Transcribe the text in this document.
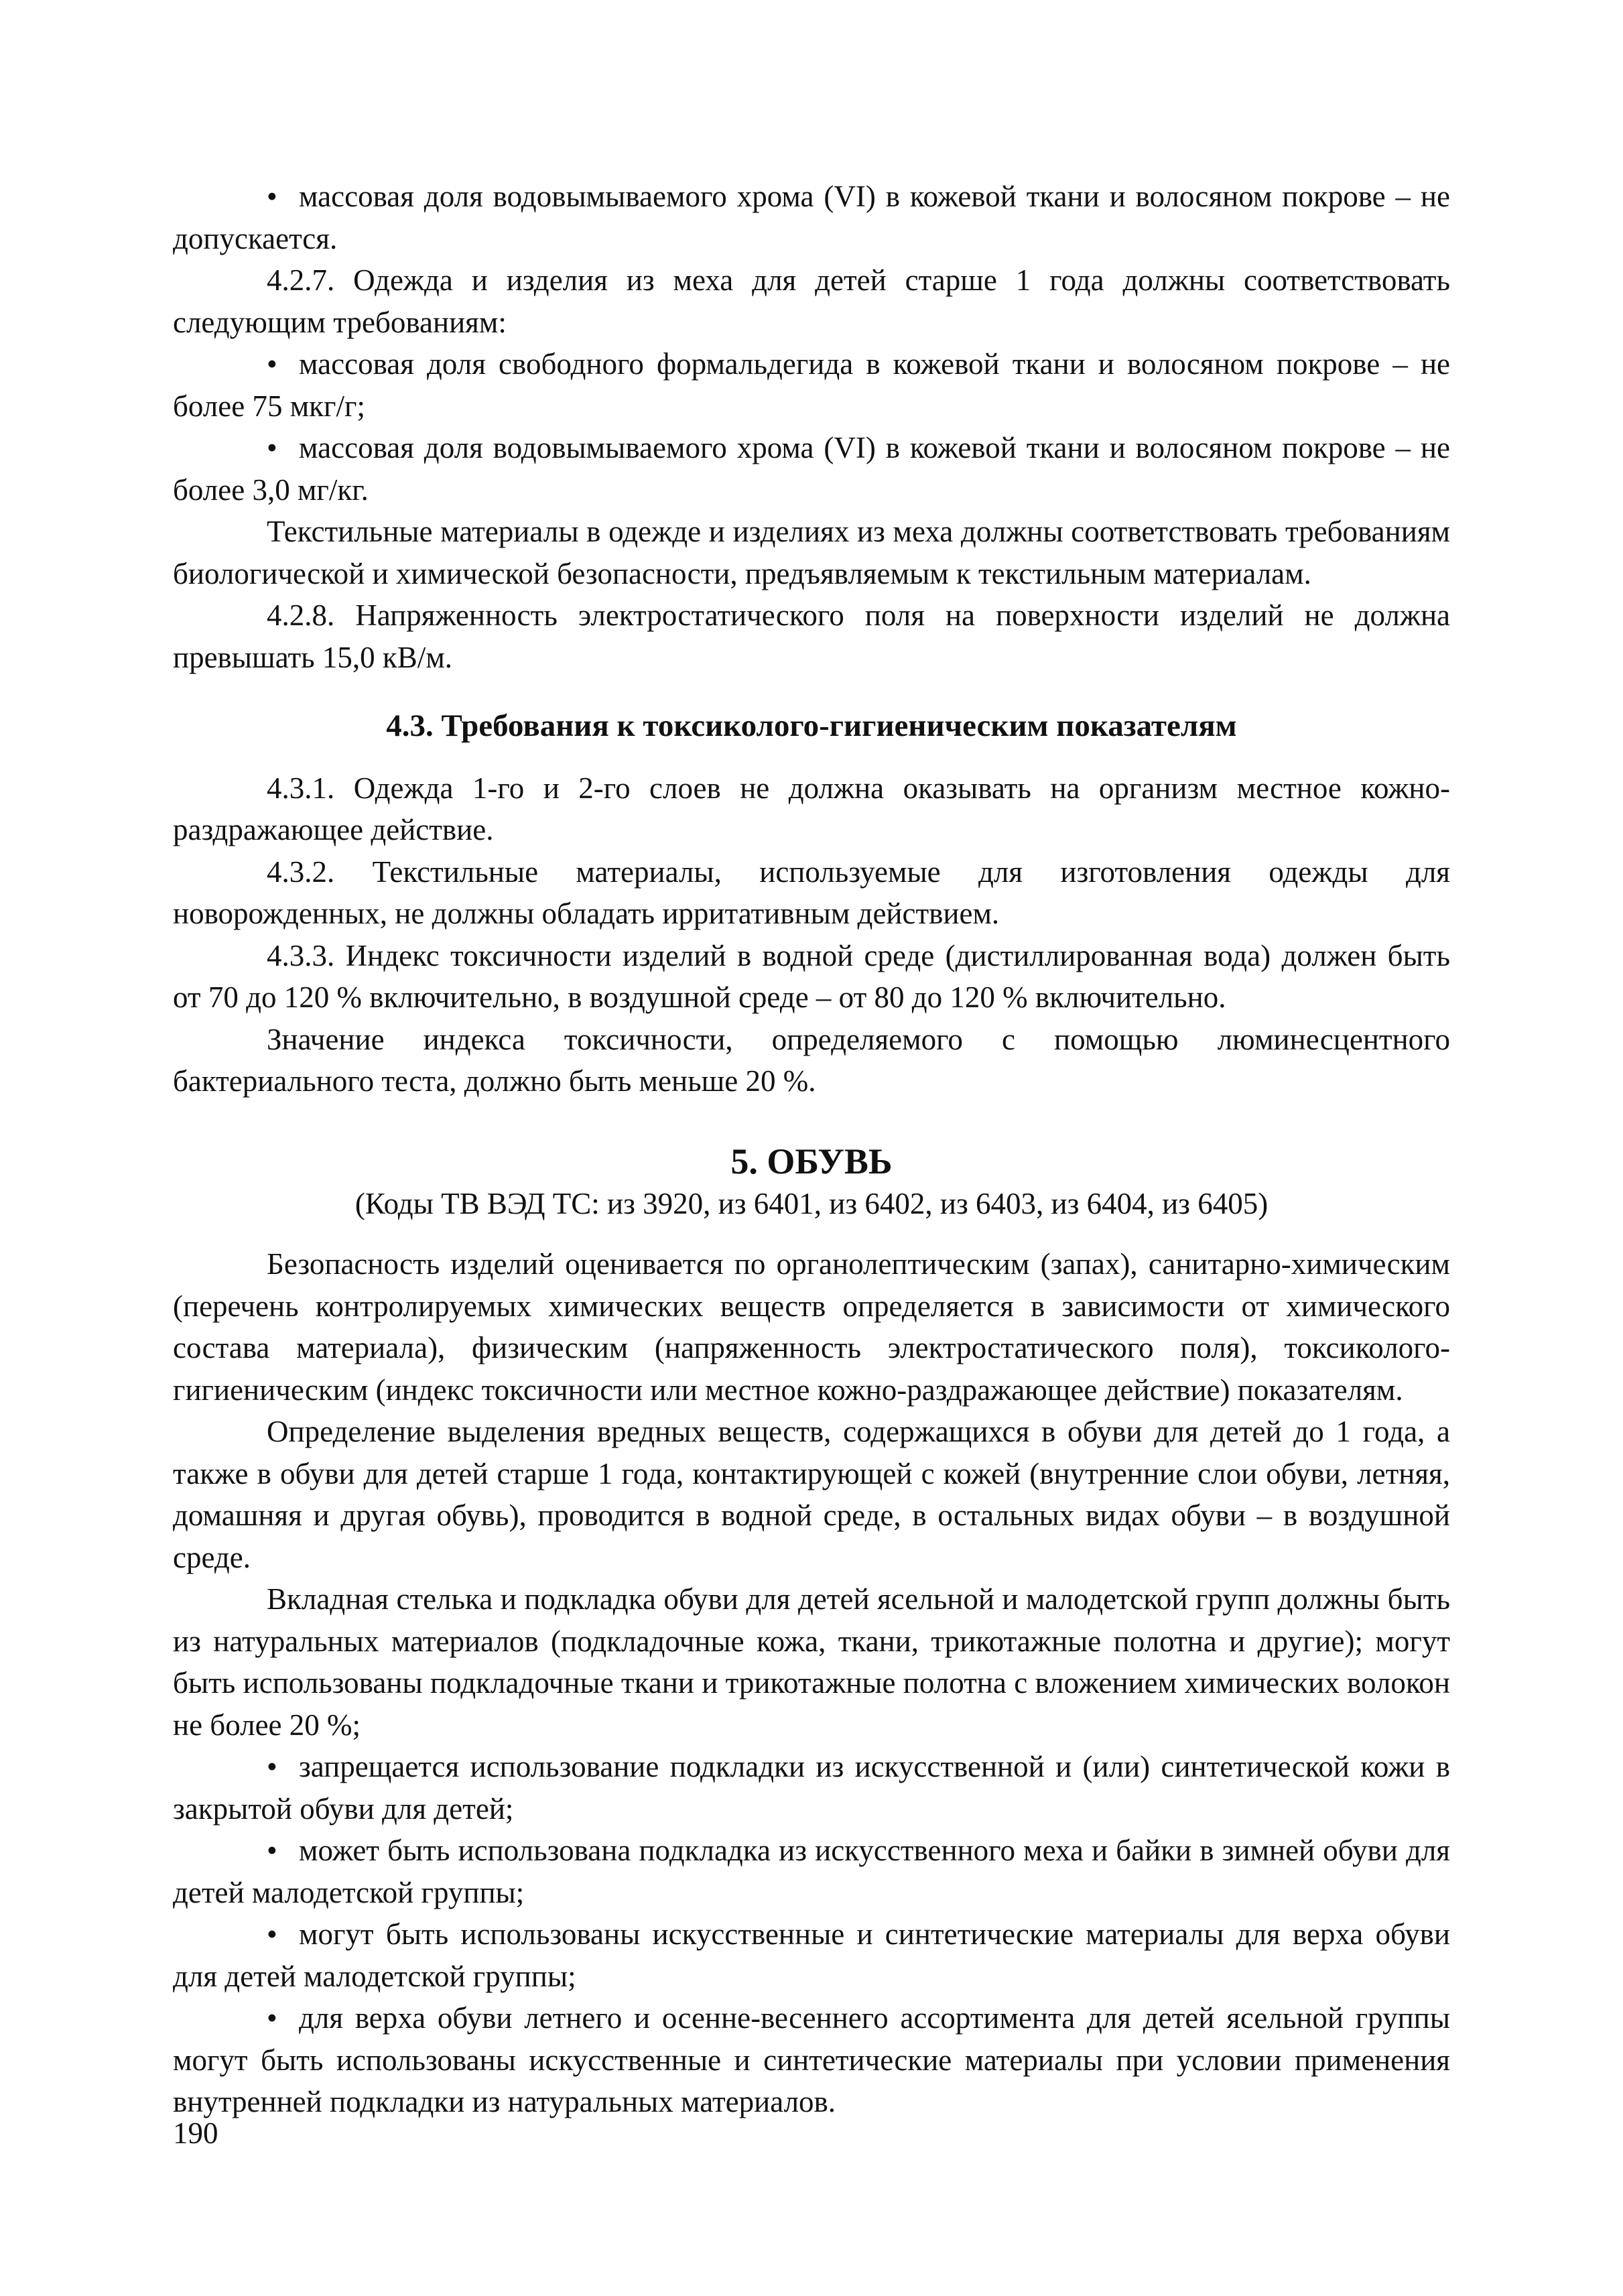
• массовая доля водовымываемого хрома (VI) в кожевой ткани и волосяном покрове – не допускается.

4.2.7. Одежда и изделия из меха для детей старше 1 года должны соответствовать следующим требованиям:

• массовая доля свободного формальдегида в кожевой ткани и волосяном покрове – не более 75 мкг/г;

• массовая доля водовымываемого хрома (VI) в кожевой ткани и волосяном покрове – не более 3,0 мг/кг.

Текстильные материалы в одежде и изделиях из меха должны соответствовать требованиям биологической и химической безопасности, предъявляемым к текстильным материалам.

4.2.8. Напряженность электростатического поля на поверхности изделий не должна превышать 15,0 кВ/м.

4.3. Требования к токсиколого-гигиеническим показателям

4.3.1. Одежда 1-го и 2-го слоев не должна оказывать на организм местное кожно-раздражающее действие.

4.3.2. Текстильные материалы, используемые для изготовления одежды для новорожденных, не должны обладать ирритативным действием.

4.3.3. Индекс токсичности изделий в водной среде (дистиллированная вода) должен быть от 70 до 120 % включительно, в воздушной среде – от 80 до 120 % включительно.

Значение индекса токсичности, определяемого с помощью люминесцентного бактериального теста, должно быть меньше 20 %.

5. ОБУВЬ

(Коды ТВ ВЭД ТС: из 3920, из 6401, из 6402, из 6403, из 6404, из 6405)

Безопасность изделий оценивается по органолептическим (запах), санитарно-химическим (перечень контролируемых химических веществ определяется в зависимости от химического состава материала), физическим (напряженность электростатического поля), токсиколого-гигиеническим (индекс токсичности или местное кожно-раздражающее действие) показателям.

Определение выделения вредных веществ, содержащихся в обуви для детей до 1 года, а также в обуви для детей старше 1 года, контактирующей с кожей (внутренние слои обуви, летняя, домашняя и другая обувь), проводится в водной среде, в остальных видах обуви – в воздушной среде.

Вкладная стелька и подкладка обуви для детей ясельной и малодетской групп должны быть из натуральных материалов (подкладочные кожа, ткани, трикотажные полотна и другие); могут быть использованы подкладочные ткани и трикотажные полотна с вложением химических волокон не более 20 %;

• запрещается использование подкладки из искусственной и (или) синтетической кожи в закрытой обуви для детей;

• может быть использована подкладка из искусственного меха и байки в зимней обуви для детей малодетской группы;

• могут быть использованы искусственные и синтетические материалы для верха обуви для детей малодетской группы;

• для верха обуви летнего и осенне-весеннего ассортимента для детей ясельной группы могут быть использованы искусственные и синтетические материалы при условии применения внутренней подкладки из натуральных материалов.

190
